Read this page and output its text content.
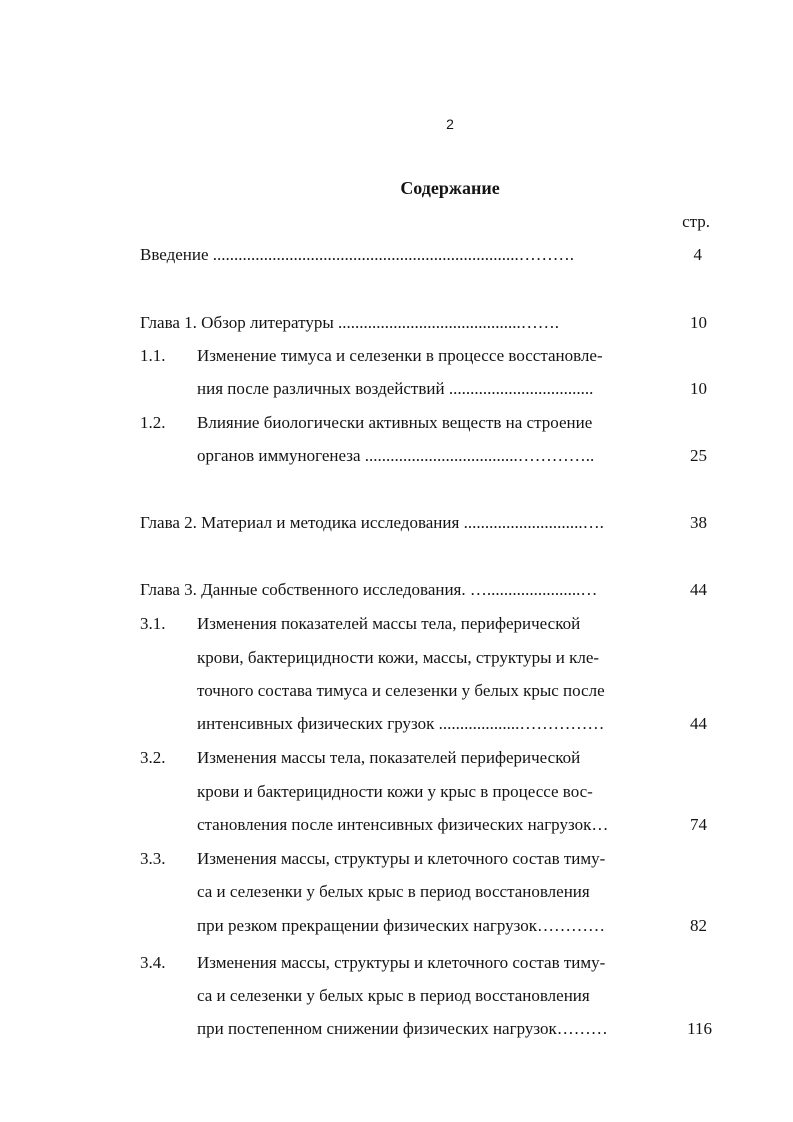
2
Содержание
стр.
Введение ........................................................................……….	4
Глава 1. Обзор литературы ...........................................…….	10
1.1. Изменение тимуса и селезенки в процессе восстановле-
ния после различных воздействий ..................................	10
1.2. Влияние биологически активных веществ на строение
органов иммуногенеза ....................................…………..	25
Глава 2. Материал и методика исследования ............................….	38
Глава 3. Данные собственного исследования. …......................…	44
3.1. Изменения показателей массы тела, периферической
крови, бактерицидности кожи, массы, структуры и кле-
точного состава тимуса и селезенки у белых крыс после
интенсивных физических грузок ...................……………	44
3.2. Изменения массы тела, показателей периферической
крови и бактерицидности кожи у крыс в процессе вос-
становления после интенсивных физических нагрузок…	74
3.3. Изменения массы, структуры и клеточного состав тиму-
са и селезенки у белых крыс в период восстановления
при резком прекращении физических нагрузок…………	82
3.4. Изменения массы, структуры и клеточного состав тиму-
са и селезенки у белых крыс в период восстановления
при постепенном снижении физических нагрузок………	116
